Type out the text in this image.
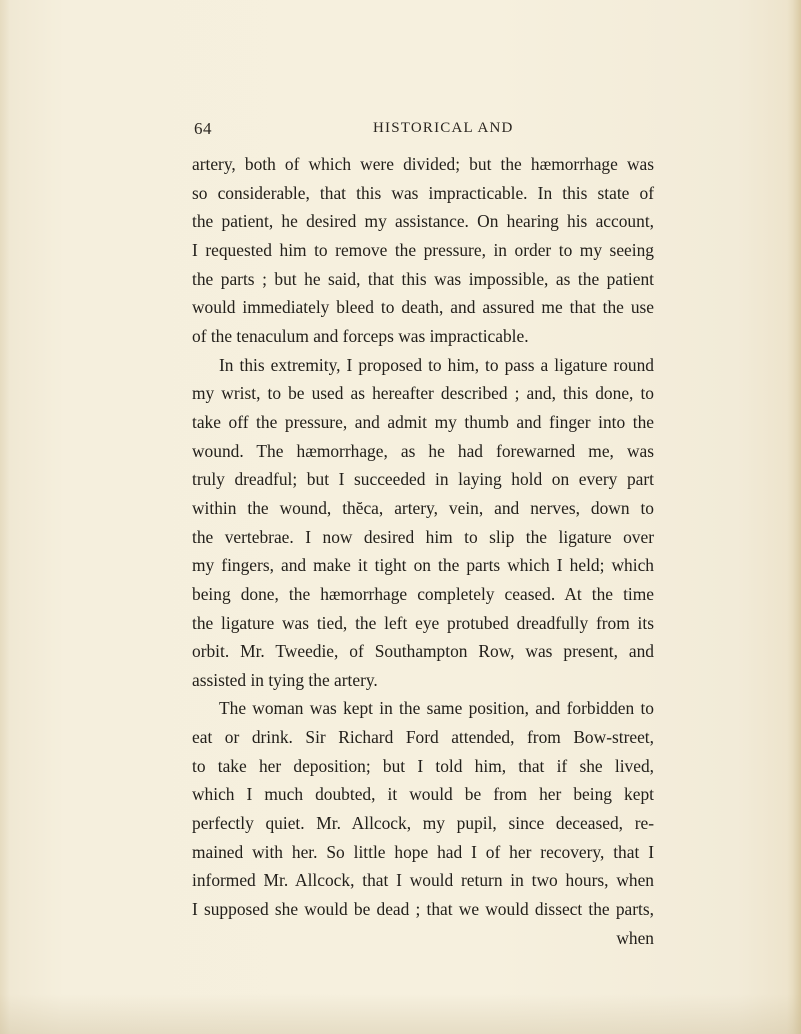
64	HISTORICAL AND
artery, both of which were divided; but the hæmorrhage was
so considerable, that this was impracticable. In this state of
the patient, he desired my assistance. On hearing his account,
I requested him to remove the pressure, in order to my seeing
the parts ; but he said, that this was impossible, as the patient
would immediately bleed to death, and assured me that the use
of the tenaculum and forceps was impracticable.
In this extremity, I proposed to him, to pass a ligature round
my wrist, to be used as hereafter described ; and, this done, to
take off the pressure, and admit my thumb and finger into the
wound. The hæmorrhage, as he had forewarned me, was
truly dreadful; but I succeeded in laying hold on every part
within the wound, thĕca, artery, vein, and nerves, down to
the vertebrae. I now desired him to slip the ligature over
my fingers, and make it tight on the parts which I held; which
being done, the hæmorrhage completely ceased. At the time
the ligature was tied, the left eye protubed dreadfully from its
orbit. Mr. Tweedie, of Southampton Row, was present, and
assisted in tying the artery.
The woman was kept in the same position, and forbidden to
eat or drink. Sir Richard Ford attended, from Bow-street,
to take her deposition; but I told him, that if she lived,
which I much doubted, it would be from her being kept
perfectly quiet. Mr. Allcock, my pupil, since deceased, re-
mained with her. So little hope had I of her recovery, that I
informed Mr. Allcock, that I would return in two hours, when
I supposed she would be dead ; that we would dissect the parts,
when
